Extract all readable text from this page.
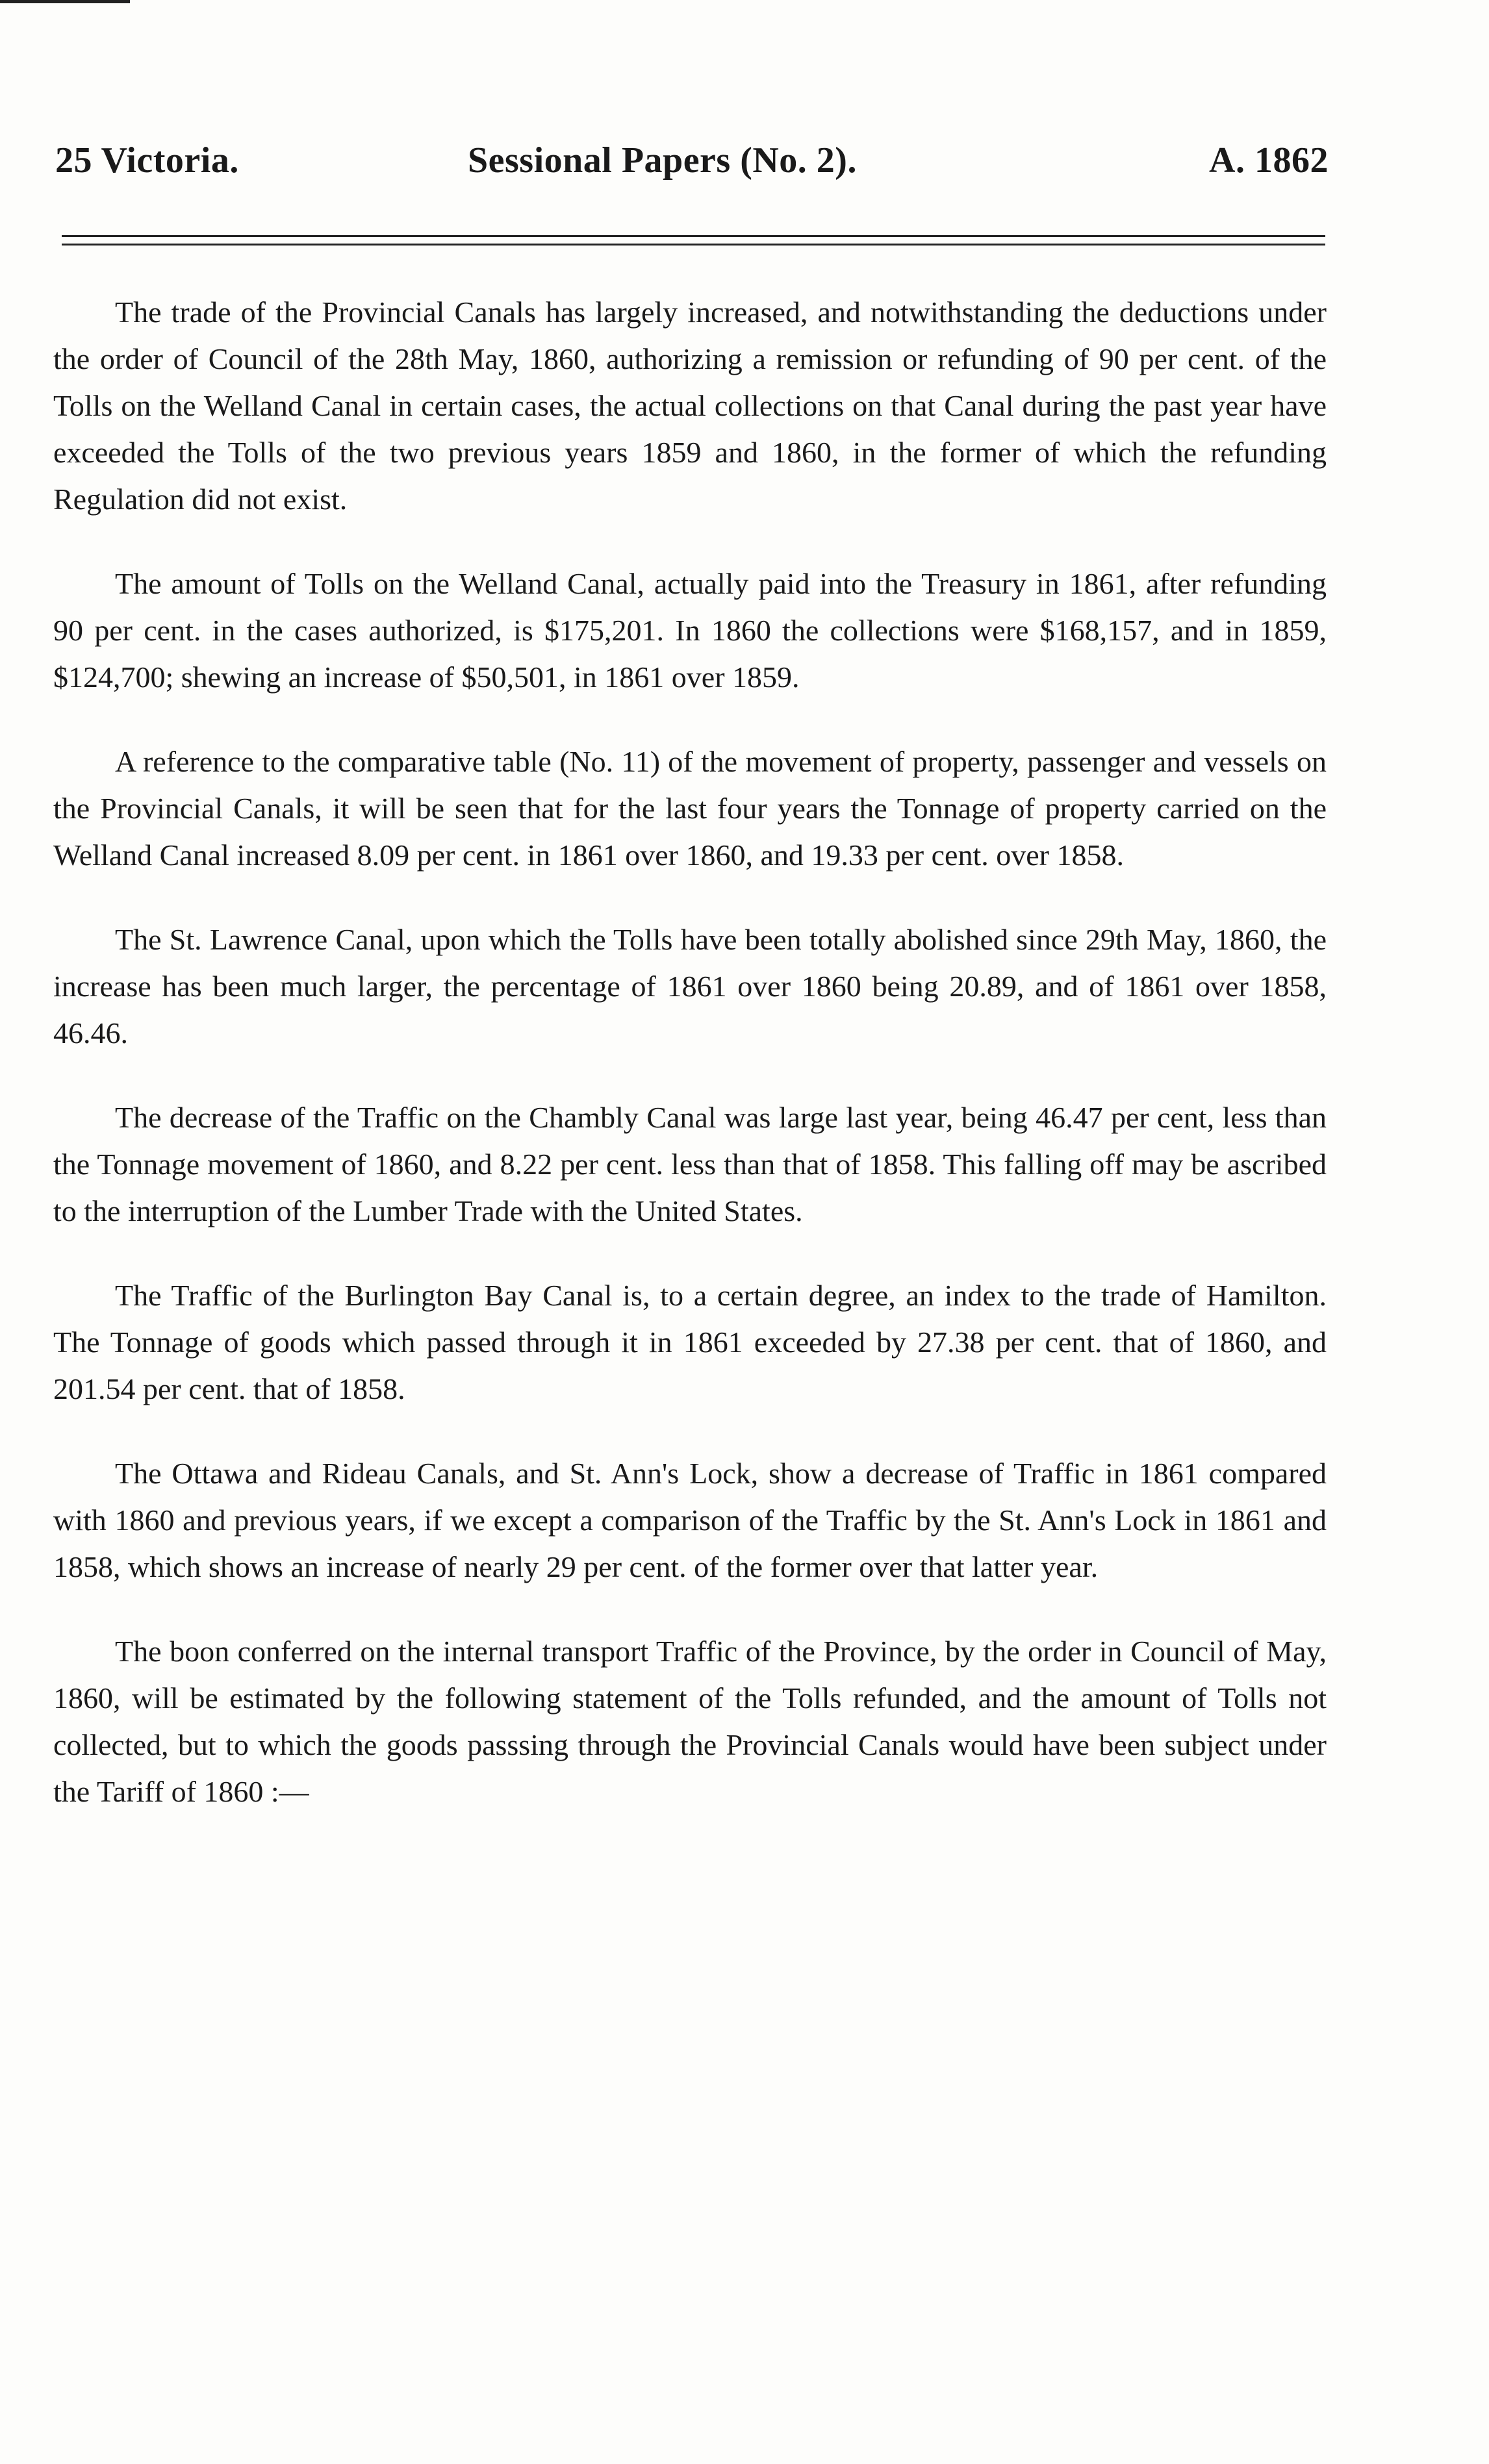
25 Victoria.	Sessional Papers (No. 2).	A. 1862

The trade of the Provincial Canals has largely increased, and notwithstanding the deductions under the order of Council of the 28th May, 1860, authorizing a remission or refunding of 90 per cent. of the Tolls on the Welland Canal in certain cases, the actual collections on that Canal during the past year have exceeded the Tolls of the two previous years 1859 and 1860, in the former of which the refunding Regulation did not exist.

The amount of Tolls on the Welland Canal, actually paid into the Treasury in 1861, after refunding 90 per cent. in the cases authorized, is $175,201. In 1860 the collections were $168,157, and in 1859, $124,700; shewing an increase of $50,501, in 1861 over 1859.

A reference to the comparative table (No. 11) of the movement of property, passenger and vessels on the Provincial Canals, it will be seen that for the last four years the Tonnage of property carried on the Welland Canal increased 8.09 per cent. in 1861 over 1860, and 19.33 per cent. over 1858.

The St. Lawrence Canal, upon which the Tolls have been totally abolished since 29th May, 1860, the increase has been much larger, the percentage of 1861 over 1860 being 20.89, and of 1861 over 1858, 46.46.

The decrease of the Traffic on the Chambly Canal was large last year, being 46.47 per cent, less than the Tonnage movement of 1860, and 8.22 per cent. less than that of 1858. This falling off may be ascribed to the interruption of the Lumber Trade with the United States.

The Traffic of the Burlington Bay Canal is, to a certain degree, an index to the trade of Hamilton. The Tonnage of goods which passed through it in 1861 exceeded by 27.38 per cent. that of 1860, and 201.54 per cent. that of 1858.

The Ottawa and Rideau Canals, and St. Ann's Lock, show a decrease of Traffic in 1861 compared with 1860 and previous years, if we except a comparison of the Traffic by the St. Ann's Lock in 1861 and 1858, which shows an increase of nearly 29 per cent. of the former over that latter year.

The boon conferred on the internal transport Traffic of the Province, by the order in Council of May, 1860, will be estimated by the following statement of the Tolls refunded, and the amount of Tolls not collected, but to which the goods passsing through the Provincial Canals would have been subject under the Tariff of 1860 :—
